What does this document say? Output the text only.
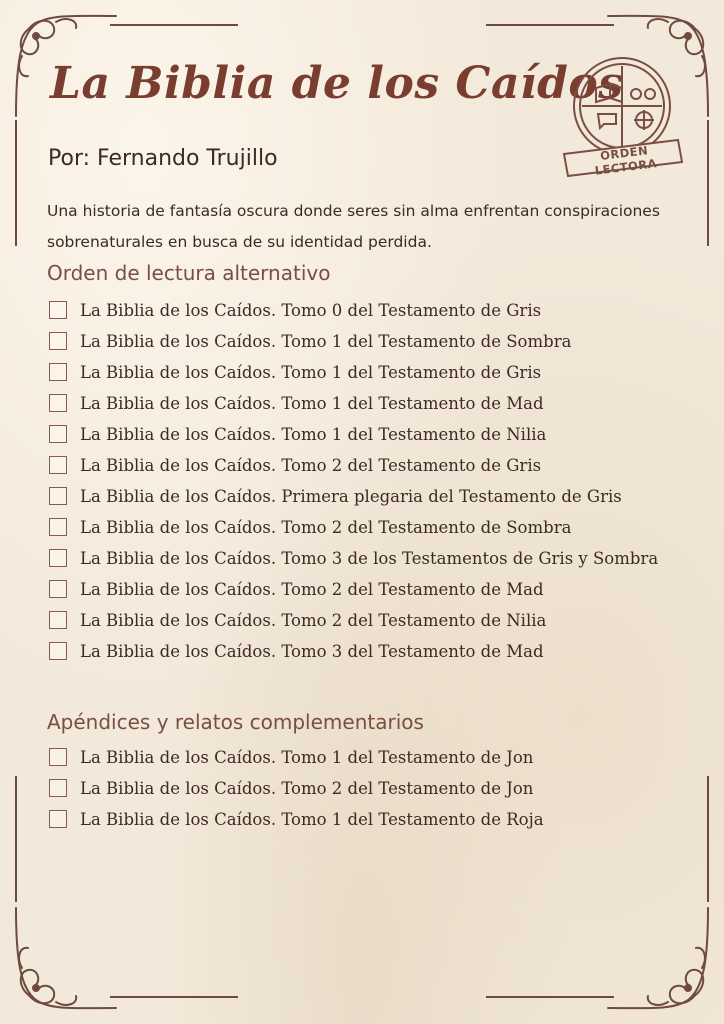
La Biblia de los Caídos
ORDEN LECTORA
Por: Fernando Trujillo
Una historia de fantasía oscura donde seres sin alma enfrentan conspiraciones sobrenaturales en busca de su identidad perdida.
Orden de lectura alternativo
La Biblia de los Caídos. Tomo 0 del Testamento de Gris
La Biblia de los Caídos. Tomo 1 del Testamento de Sombra
La Biblia de los Caídos. Tomo 1 del Testamento de Gris
La Biblia de los Caídos. Tomo 1 del Testamento de Mad
La Biblia de los Caídos. Tomo 1 del Testamento de Nilia
La Biblia de los Caídos. Tomo 2 del Testamento de Gris
La Biblia de los Caídos. Primera plegaria del Testamento de Gris
La Biblia de los Caídos. Tomo 2 del Testamento de Sombra
La Biblia de los Caídos. Tomo 3 de los Testamentos de Gris y Sombra
La Biblia de los Caídos. Tomo 2 del Testamento de Mad
La Biblia de los Caídos. Tomo 2 del Testamento de Nilia
La Biblia de los Caídos. Tomo 3 del Testamento de Mad
Apéndices y relatos complementarios
La Biblia de los Caídos. Tomo 1 del Testamento de Jon
La Biblia de los Caídos. Tomo 2 del Testamento de Jon
La Biblia de los Caídos. Tomo 1 del Testamento de Roja
